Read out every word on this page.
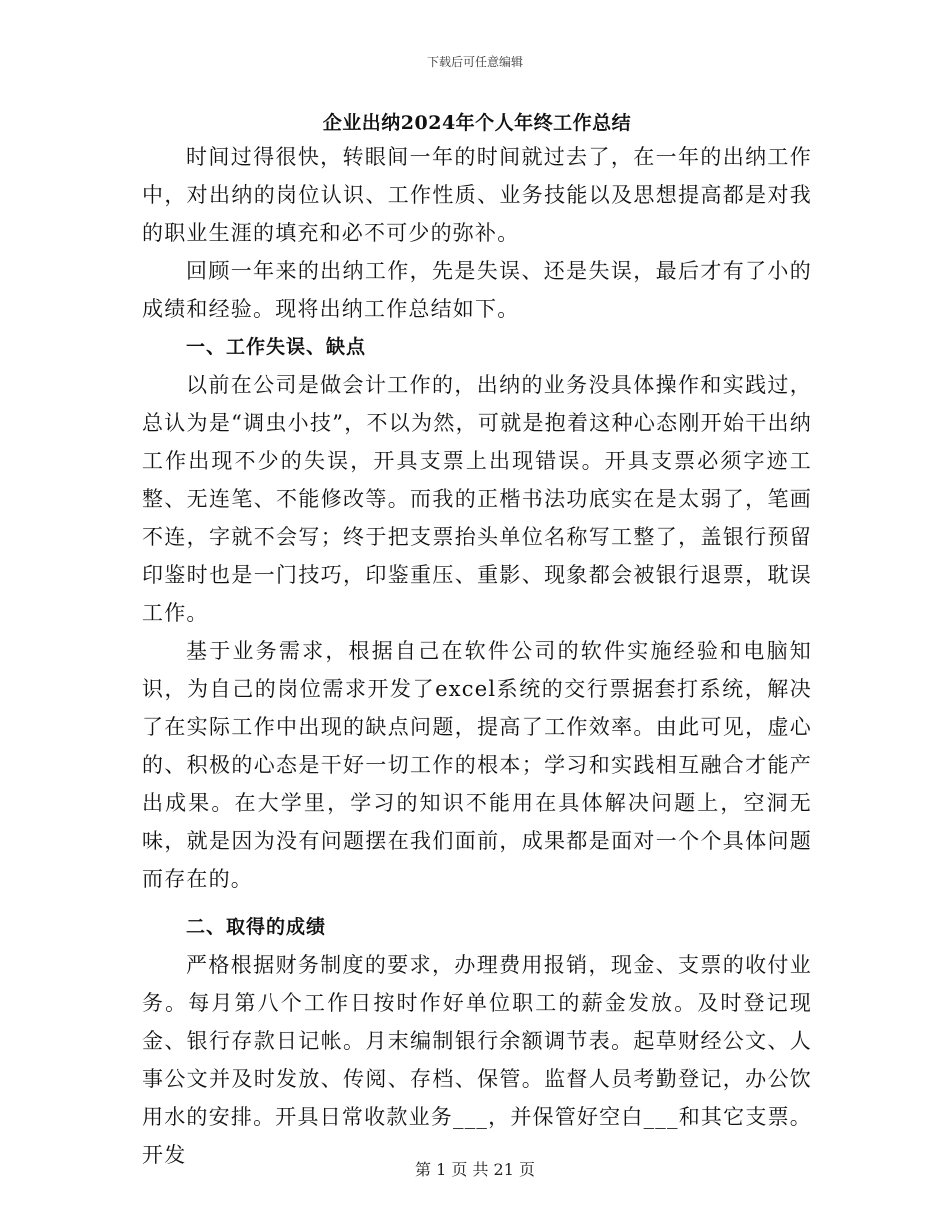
下载后可任意编辑

企业出纳2024年个人年终工作总结

时间过得很快，转眼间一年的时间就过去了，在一年的出纳工作中，对出纳的岗位认识、工作性质、业务技能以及思想提高都是对我的职业生涯的填充和必不可少的弥补。

回顾一年来的出纳工作，先是失误、还是失误，最后才有了小的成绩和经验。现将出纳工作总结如下。

一、工作失误、缺点

以前在公司是做会计工作的，出纳的业务没具体操作和实践过，总认为是“调虫小技”，不以为然，可就是抱着这种心态刚开始干出纳工作出现不少的失误，开具支票上出现错误。开具支票必须字迹工整、无连笔、不能修改等。而我的正楷书法功底实在是太弱了，笔画不连，字就不会写；终于把支票抬头单位名称写工整了，盖银行预留印鉴时也是一门技巧，印鉴重压、重影、现象都会被银行退票，耽误工作。

基于业务需求，根据自己在软件公司的软件实施经验和电脑知识，为自己的岗位需求开发了excel系统的交行票据套打系统，解决了在实际工作中出现的缺点问题，提高了工作效率。由此可见，虚心的、积极的心态是干好一切工作的根本；学习和实践相互融合才能产出成果。在大学里，学习的知识不能用在具体解决问题上，空洞无味，就是因为没有问题摆在我们面前，成果都是面对一个个具体问题而存在的。

二、取得的成绩

严格根据财务制度的要求，办理费用报销，现金、支票的收付业务。每月第八个工作日按时作好单位职工的薪金发放。及时登记现金、银行存款日记帐。月末编制银行余额调节表。起草财经公文、人事公文并及时发放、传阅、存档、保管。监督人员考勤登记，办公饮用水的安排。开具日常收款业务___，并保管好空白___和其它支票。开发

第 1 页 共 21 页
